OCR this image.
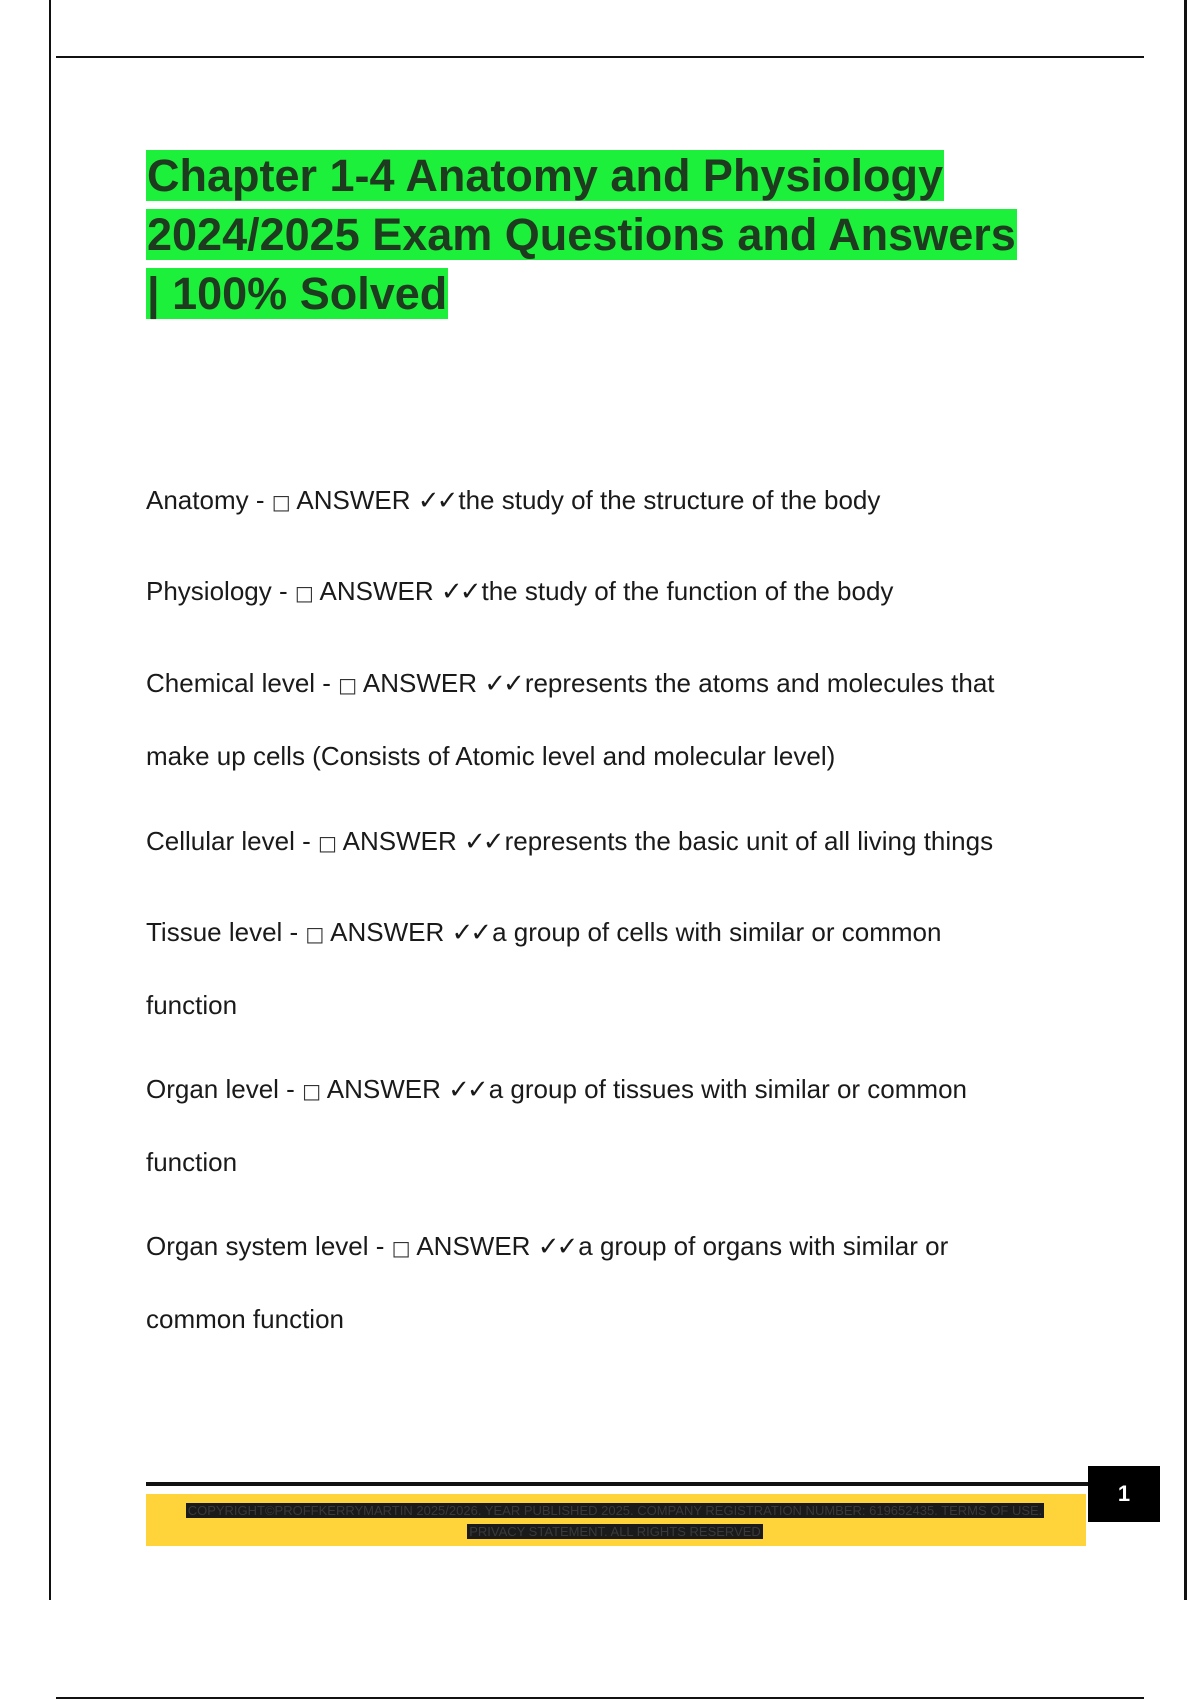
Chapter 1-4 Anatomy and Physiology
2024/2025 Exam Questions and Answers
| 100% Solved

Anatomy - □ ANSWER ✓✓ the study of the structure of the body

Physiology - □ ANSWER ✓✓ the study of the function of the body

Chemical level - □ ANSWER ✓✓ represents the atoms and molecules that
make up cells (Consists of Atomic level and molecular level)

Cellular level - □ ANSWER ✓✓ represents the basic unit of all living things

Tissue level - □ ANSWER ✓✓ a group of cells with similar or common
function

Organ level - □ ANSWER ✓✓ a group of tissues with similar or common
function

Organ system level - □ ANSWER ✓✓ a group of organs with similar or
common function

1
COPYRIGHT©PROFFKERRYMARTIN 2025/2026. YEAR PUBLISHED 2025. COMPANY REGISTRATION NUMBER: 619652435. TERMS OF USE.
PRIVACY STATEMENT. ALL RIGHTS RESERVED
